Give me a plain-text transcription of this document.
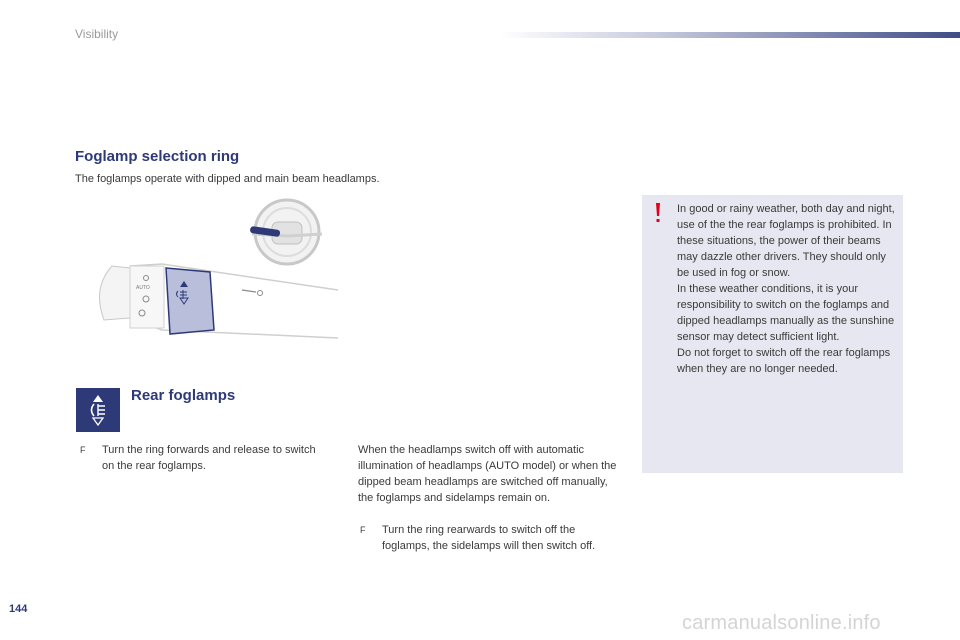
Visibility
Foglamp selection ring
The foglamps operate with dipped and main beam headlamps.
AUTO
Rear foglamps
F	Turn the ring forwards and release to switch on the rear foglamps.
When the headlamps switch off with automatic illumination of headlamps (AUTO model) or when the dipped beam headlamps are switched off manually, the foglamps and sidelamps remain on.
F	Turn the ring rearwards to switch off the foglamps, the sidelamps will then switch off.

In good or rainy weather, both day and night, use of the the rear foglamps is prohibited. In these situations, the power of their beams may dazzle other drivers. They should only be used in fog or snow.

In these weather conditions, it is your responsibility to switch on the foglamps and dipped headlamps manually as the sunshine sensor may detect sufficient light.

Do not forget to switch off the rear foglamps when they are no longer needed.

144
carmanualsonline.info
